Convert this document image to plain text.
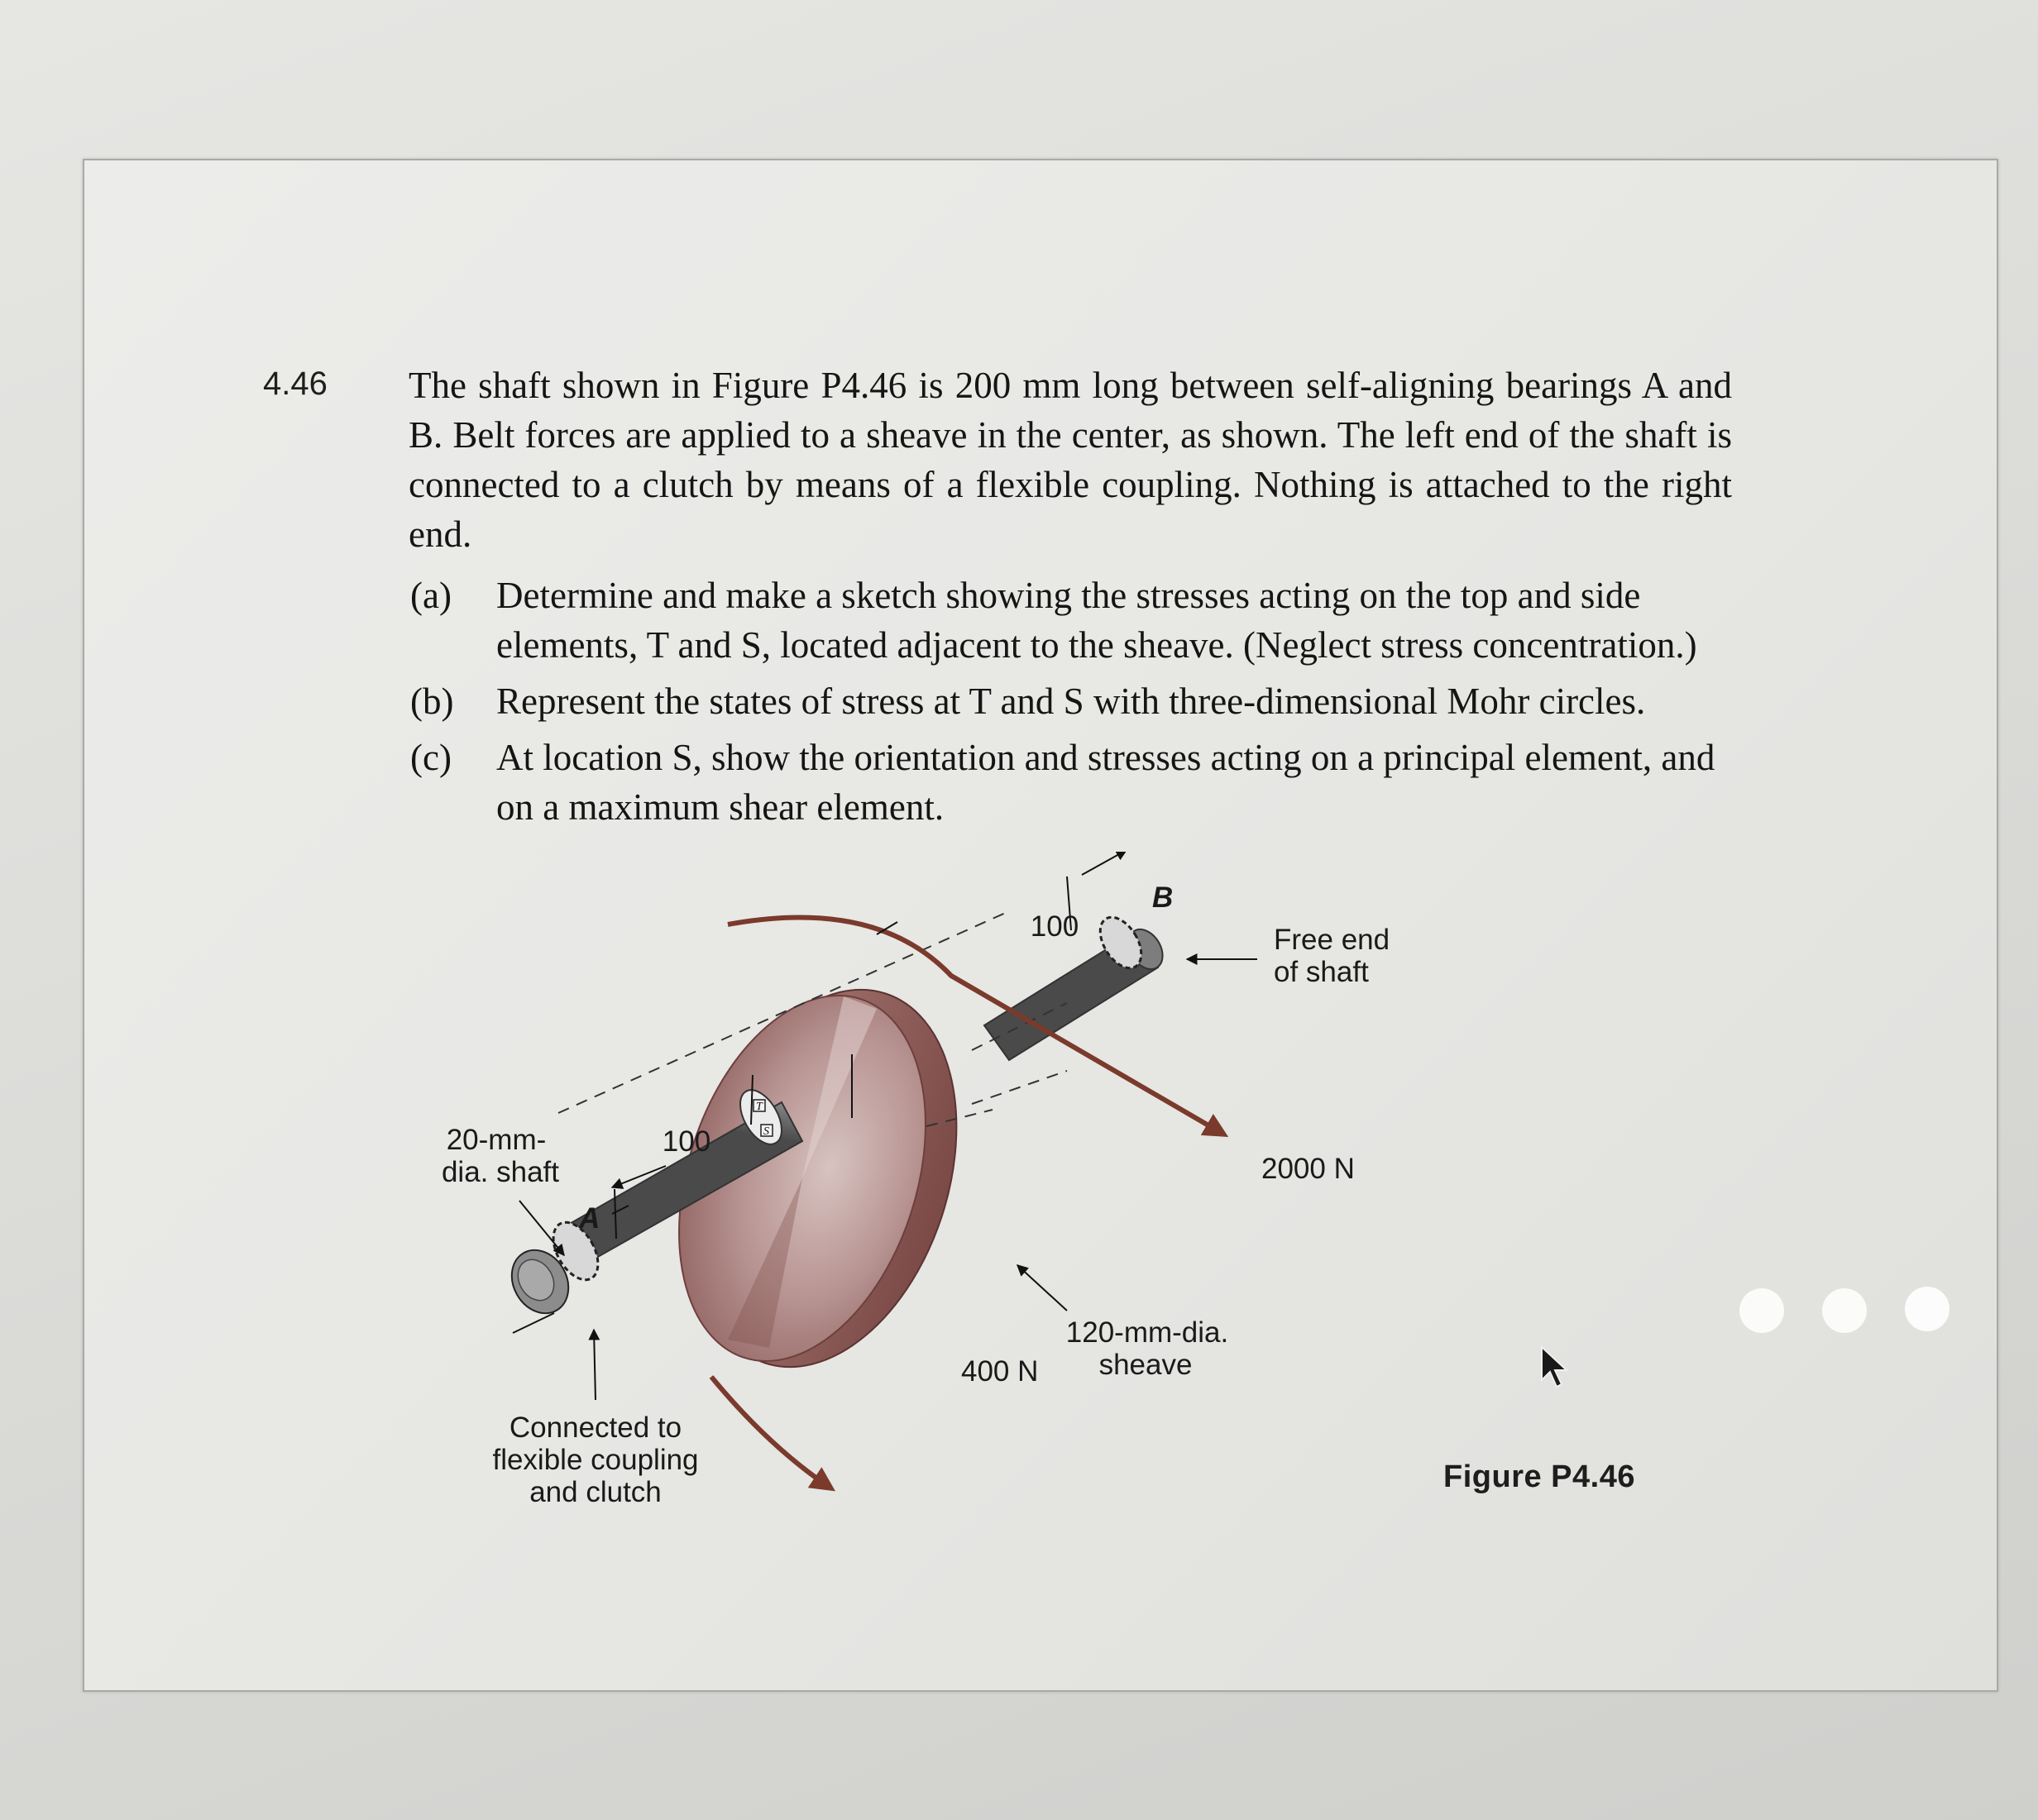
4.46 The shaft shown in Figure P4.46 is 200 mm long between self-aligning bearings A and B. Belt forces are applied to a sheave in the center, as shown. The left end of the shaft is connected to a clutch by means of a flexible coupling. Nothing is attached to the right end.
(a) Determine and make a sketch showing the stresses acting on the top and side elements, T and S, located adjacent to the sheave. (Neglect stress concentration.)
(b) Represent the states of stress at T and S with three-dimensional Mohr circles.
(c) At location S, show the orientation and stresses acting on a principal element, and on a maximum shear element.
T
S
100
100
A
B
20-mm-
dia. shaft
Free end
of shaft
2000 N
400 N
120-mm-dia.
sheave
Connected to
flexible coupling
and clutch	Figure P4.46
